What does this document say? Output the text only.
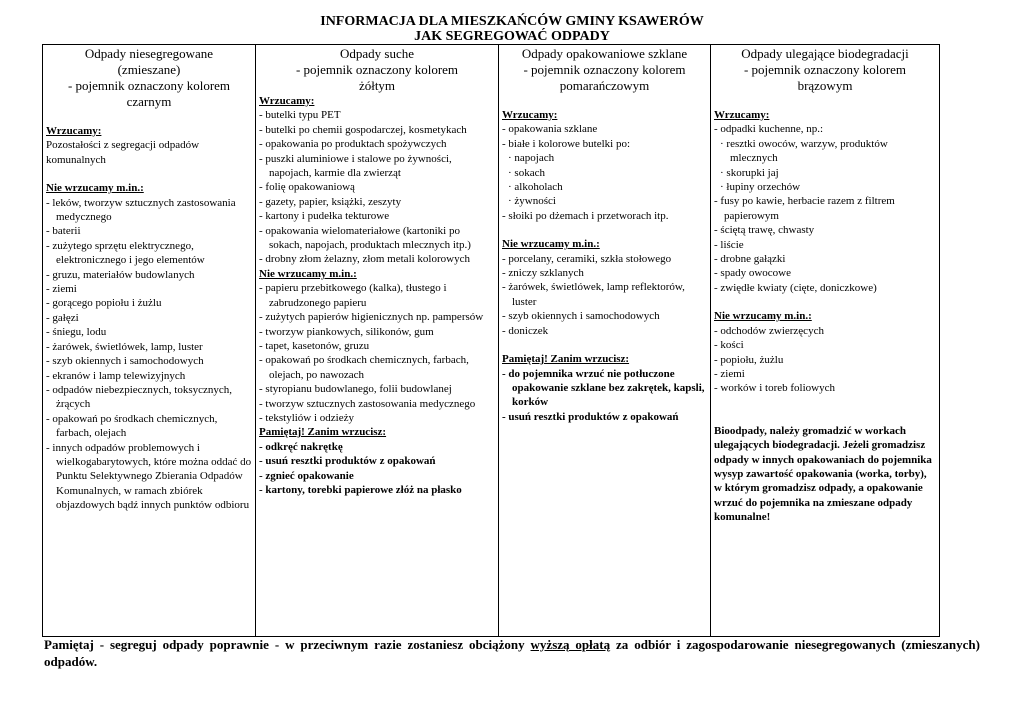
INFORMACJA DLA MIESZKAŃCÓW GMINY KSAWERÓW
JAK SEGREGOWAĆ ODPADY
Odpady niesegregowane
(zmieszane)
- pojemnik oznaczony kolorem
czarnym
Wrzucamy:
Pozostałości z segregacji odpadów komunalnych
Nie wrzucamy m.in.:
- leków, tworzyw sztucznych zastosowania medycznego
- baterii
- zużytego sprzętu elektrycznego, elektronicznego i jego elementów
- gruzu, materiałów budowlanych
- ziemi
- gorącego popiołu i żużlu
- gałęzi
- śniegu, lodu
- żarówek, świetlówek, lamp, luster
- szyb okiennych i samochodowych
- ekranów i lamp telewizyjnych
- odpadów niebezpiecznych, toksycznych, żrących
- opakowań po środkach chemicznych, farbach, olejach
- innych odpadów problemowych i wielkogabarytowych, które można oddać do Punktu Selektywnego Zbierania Odpadów Komunalnych, w ramach zbiórek objazdowych bądź innych punktów odbioru

Odpady suche
- pojemnik oznaczony kolorem
żółtym
Wrzucamy:
- butelki typu PET
- butelki po chemii gospodarczej, kosmetykach
- opakowania po produktach spożywczych
- puszki aluminiowe i stalowe po żywności, napojach, karmie dla zwierząt
- folię opakowaniową
- gazety, papier, książki, zeszyty
- kartony i pudełka tekturowe
- opakowania wielomateriałowe (kartoniki po sokach, napojach, produktach mlecznych itp.)
- drobny złom żelazny, złom metali kolorowych
Nie wrzucamy m.in.:
- papieru przebitkowego (kalka), tłustego i zabrudzonego papieru
- zużytych papierów higienicznych np. pampersów
- tworzyw piankowych, silikonów, gum
- tapet, kasetonów, gruzu
- opakowań po środkach chemicznych, farbach, olejach, po nawozach
- styropianu budowlanego, folii budowlanej
- tworzyw sztucznych zastosowania medycznego
- tekstyliów i odzieży
Pamiętaj! Zanim wrzucisz:
- odkręć nakrętkę
- usuń resztki produktów z opakowań
- zgnieć opakowanie
- kartony, torebki papierowe złóż na płasko

Odpady opakowaniowe szklane
- pojemnik oznaczony kolorem
pomarańczowym
Wrzucamy:
- opakowania szklane
- białe i kolorowe butelki po:
· napojach
· sokach
· alkoholach
· żywności
- słoiki po dżemach i przetworach itp.
Nie wrzucamy m.in.:
- porcelany, ceramiki, szkła stołowego
- zniczy szklanych
- żarówek, świetlówek, lamp reflektorów, luster
- szyb okiennych i samochodowych
- doniczek
Pamiętaj! Zanim wrzucisz:
- do pojemnika wrzuć nie potłuczone opakowanie szklane bez zakrętek, kapsli, korków
- usuń resztki produktów z opakowań

Odpady ulegające biodegradacji
- pojemnik oznaczony kolorem
brązowym
Wrzucamy:
- odpadki kuchenne, np.:
· resztki owoców, warzyw, produktów mlecznych
· skorupki jaj
· łupiny orzechów
- fusy po kawie, herbacie razem z filtrem papierowym
- ściętą trawę, chwasty
- liście
- drobne gałązki
- spady owocowe
- zwiędłe kwiaty (cięte, doniczkowe)
Nie wrzucamy m.in.:
- odchodów zwierzęcych
- kości
- popiołu, żużlu
- ziemi
- worków i toreb foliowych
Bioodpady, należy gromadzić w workach ulegających biodegradacji. Jeżeli gromadzisz odpady w innych opakowaniach do pojemnika wysyp zawartość opakowania (worka, torby), w którym gromadzisz odpady, a opakowanie wrzuć do pojemnika na zmieszane odpady komunalne!
Pamiętaj - segreguj odpady poprawnie - w przeciwnym razie zostaniesz obciążony wyższą opłatą za odbiór i zagospodarowanie niesegregowanych (zmieszanych) odpadów.
